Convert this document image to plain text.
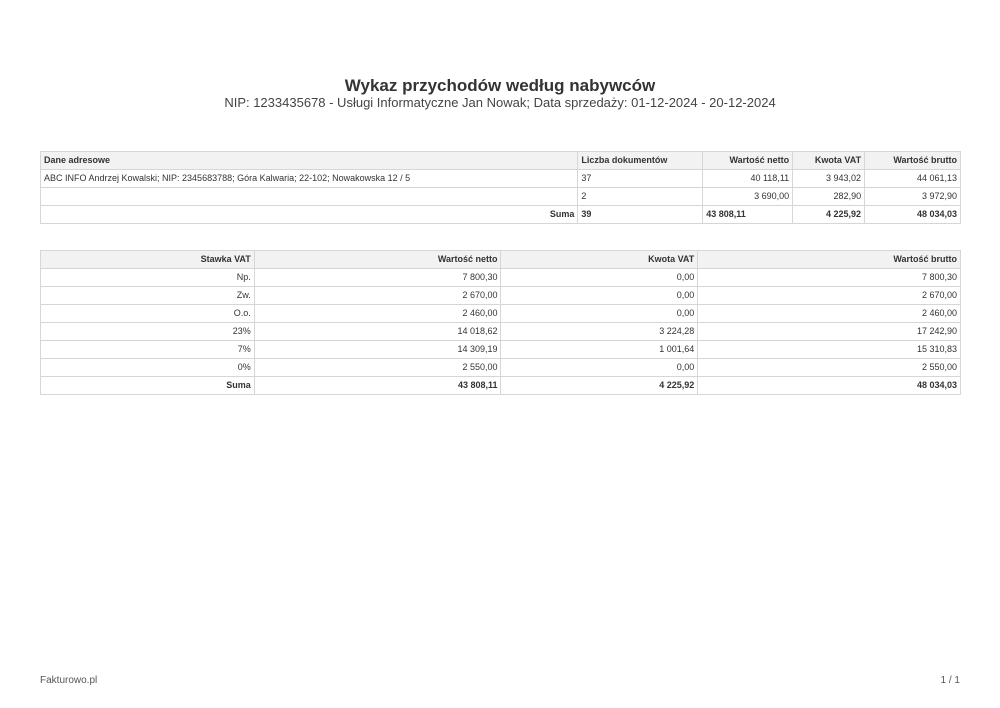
Wykaz przychodów według nabywców
NIP: 1233435678 - Usługi Informatyczne Jan Nowak; Data sprzedaży: 01-12-2024 - 20-12-2024
Dane adresowe	Liczba dokumentów	Wartość netto	Kwota VAT	Wartość brutto
ABC INFO Andrzej Kowalski; NIP: 2345683788; Góra Kalwaria; 22-102; Nowakowska 12 / 5	37	40 118,11	3 943,02	44 061,13
	2	3 690,00	282,90	3 972,90
Suma	39	43 808,11	4 225,92	48 034,03
Stawka VAT	Wartość netto	Kwota VAT	Wartość brutto
Np.	7 800,30	0,00	7 800,30
Zw.	2 670,00	0,00	2 670,00
O.o.	2 460,00	0,00	2 460,00
23%	14 018,62	3 224,28	17 242,90
7%	14 309,19	1 001,64	15 310,83
0%	2 550,00	0,00	2 550,00
Suma	43 808,11	4 225,92	48 034,03
Fakturowo.pl	1 / 1
